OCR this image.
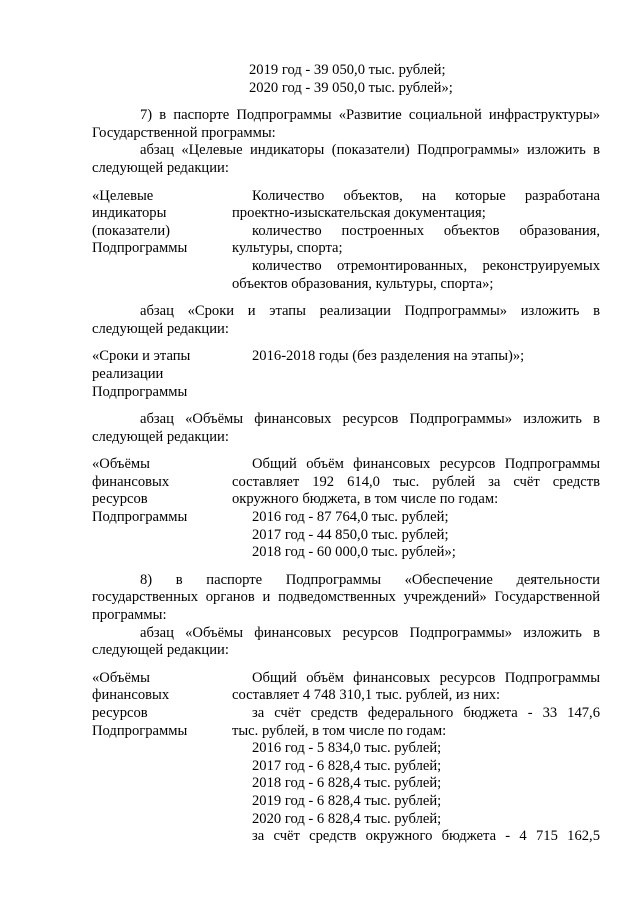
2019 год - 39 050,0 тыс. рублей;
2020 год - 39 050,0 тыс. рублей»;
7) в паспорте Подпрограммы «Развитие социальной инфраструктуры»
Государственной программы:
абзац «Целевые индикаторы (показатели) Подпрограммы» изложить в
следующей редакции:
«Целевые
индикаторы
(показатели)
Подпрограммы
Количество объектов, на которые разработана
проектно-изыскательская документация;
количество построенных объектов образования,
культуры, спорта;
количество отремонтированных, реконструируемых
объектов образования, культуры, спорта»;
абзац «Сроки и этапы реализации Подпрограммы» изложить в
следующей редакции:
«Сроки и этапы
реализации
Подпрограммы
2016-2018 годы (без разделения на этапы)»;
абзац «Объёмы финансовых ресурсов Подпрограммы» изложить в
следующей редакции:
«Объёмы
финансовых
ресурсов
Подпрограммы
Общий объём финансовых ресурсов Подпрограммы
составляет 192 614,0 тыс. рублей за счёт средств
окружного бюджета, в том числе по годам:
2016 год - 87 764,0 тыс. рублей;
2017 год - 44 850,0 тыс. рублей;
2018 год - 60 000,0 тыс. рублей»;
8) в паспорте Подпрограммы «Обеспечение деятельности
государственных органов и подведомственных учреждений» Государственной
программы:
абзац «Объёмы финансовых ресурсов Подпрограммы» изложить в
следующей редакции:
«Объёмы
финансовых
ресурсов
Подпрограммы
Общий объём финансовых ресурсов Подпрограммы
составляет 4 748 310,1 тыс. рублей, из них:
за счёт средств федерального бюджета - 33 147,6
тыс. рублей, в том числе по годам:
2016 год - 5 834,0 тыс. рублей;
2017 год - 6 828,4 тыс. рублей;
2018 год - 6 828,4 тыс. рублей;
2019 год - 6 828,4 тыс. рублей;
2020 год - 6 828,4 тыс. рублей;
за счёт средств окружного бюджета - 4 715 162,5
